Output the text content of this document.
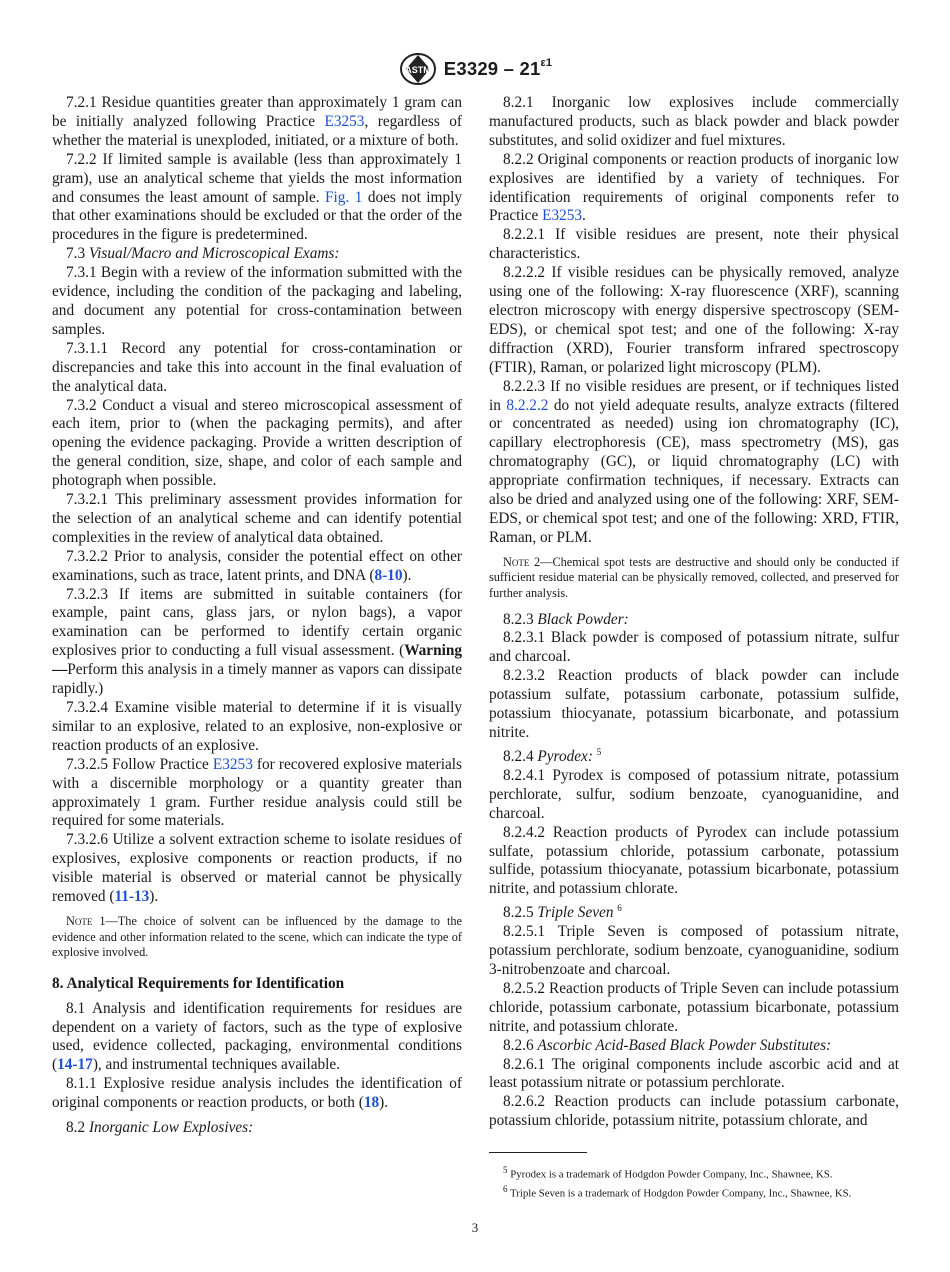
ASTM $E3329 - 21^{\varepsilon 1}$

7.2.1 Residue quantities greater than approximately 1 gram can be initially analyzed following Practice E3253, regardless of whether the material is unexploded, initiated, or a mixture of both.

7.2.2 If limited sample is available (less than approximately 1 gram), use an analytical scheme that yields the most information and consumes the least amount of sample. Fig. 1 does not imply that other examinations should be excluded or that the order of the procedures in the figure is predetermined.

7.3 Visual/Macro and Microscopical Exams:

7.3.1 Begin with a review of the information submitted with the evidence, including the condition of the packaging and labeling, and document any potential for cross-contamination between samples.

7.3.1.1 Record any potential for cross-contamination or discrepancies and take this into account in the final evaluation of the analytical data.

7.3.2 Conduct a visual and stereo microscopical assessment of each item, prior to (when the packaging permits), and after opening the evidence packaging. Provide a written description of the general condition, size, shape, and color of each sample and photograph when possible.

7.3.2.1 This preliminary assessment provides information for the selection of an analytical scheme and can identify potential complexities in the review of analytical data obtained.

7.3.2.2 Prior to analysis, consider the potential effect on other examinations, such as trace, latent prints, and DNA (8-10).

7.3.2.3 If items are submitted in suitable containers (for example, paint cans, glass jars, or nylon bags), a vapor examination can be performed to identify certain organic explosives prior to conducting a full visual assessment. (Warning—Perform this analysis in a timely manner as vapors can dissipate rapidly.)

7.3.2.4 Examine visible material to determine if it is visually similar to an explosive, related to an explosive, non-explosive or reaction products of an explosive.

7.3.2.5 Follow Practice E3253 for recovered explosive materials with a discernible morphology or a quantity greater than approximately 1 gram. Further residue analysis could still be required for some materials.

7.3.2.6 Utilize a solvent extraction scheme to isolate residues of explosives, explosive components or reaction products, if no visible material is observed or material cannot be physically removed (11-13).

Note 1—The choice of solvent can be influenced by the damage to the evidence and other information related to the scene, which can indicate the type of explosive involved.

8. Analytical Requirements for Identification

8.1 Analysis and identification requirements for residues are dependent on a variety of factors, such as the type of explosive used, evidence collected, packaging, environmental conditions (14-17), and instrumental techniques available.

8.1.1 Explosive residue analysis includes the identification of original components or reaction products, or both (18).

8.2 Inorganic Low Explosives:

8.2.1 Inorganic low explosives include commercially manufactured products, such as black powder and black powder substitutes, and solid oxidizer and fuel mixtures.

8.2.2 Original components or reaction products of inorganic low explosives are identified by a variety of techniques. For identification requirements of original components refer to Practice E3253.

8.2.2.1 If visible residues are present, note their physical characteristics.

8.2.2.2 If visible residues can be physically removed, analyze using one of the following: X-ray fluorescence (XRF), scanning electron microscopy with energy dispersive spectroscopy (SEM-EDS), or chemical spot test; and one of the following: X-ray diffraction (XRD), Fourier transform infrared spectroscopy (FTIR), Raman, or polarized light microscopy (PLM).

8.2.2.3 If no visible residues are present, or if techniques listed in 8.2.2.2 do not yield adequate results, analyze extracts (filtered or concentrated as needed) using ion chromatography (IC), capillary electrophoresis (CE), mass spectrometry (MS), gas chromatography (GC), or liquid chromatography (LC) with appropriate confirmation techniques, if necessary. Extracts can also be dried and analyzed using one of the following: XRF, SEM-EDS, or chemical spot test; and one of the following: XRD, FTIR, Raman, or PLM.

Note 2—Chemical spot tests are destructive and should only be conducted if sufficient residue material can be physically removed, collected, and preserved for further analysis.

8.2.3 Black Powder:

8.2.3.1 Black powder is composed of potassium nitrate, sulfur and charcoal.

8.2.3.2 Reaction products of black powder can include potassium sulfate, potassium carbonate, potassium sulfide, potassium thiocyanate, potassium bicarbonate, and potassium nitrite.

8.2.4 Pyrodex: $^5$

8.2.4.1 Pyrodex is composed of potassium nitrate, potassium perchlorate, sulfur, sodium benzoate, cyanoguanidine, and charcoal.

8.2.4.2 Reaction products of Pyrodex can include potassium sulfate, potassium chloride, potassium carbonate, potassium sulfide, potassium thiocyanate, potassium bicarbonate, potassium nitrite, and potassium chlorate.

8.2.5 Triple Seven $^6$

8.2.5.1 Triple Seven is composed of potassium nitrate, potassium perchlorate, sodium benzoate, cyanoguanidine, sodium 3-nitrobenzoate and charcoal.

8.2.5.2 Reaction products of Triple Seven can include potassium chloride, potassium carbonate, potassium bicarbonate, potassium nitrite, and potassium chlorate.

8.2.6 Ascorbic Acid-Based Black Powder Substitutes:

8.2.6.1 The original components include ascorbic acid and at least potassium nitrate or potassium perchlorate.

8.2.6.2 Reaction products can include potassium carbonate, potassium chloride, potassium nitrite, potassium chlorate, and

$^5$ Pyrodex is a trademark of Hodgdon Powder Company, Inc., Shawnee, KS.

$^6$ Triple Seven is a trademark of Hodgdon Powder Company, Inc., Shawnee, KS.

3
